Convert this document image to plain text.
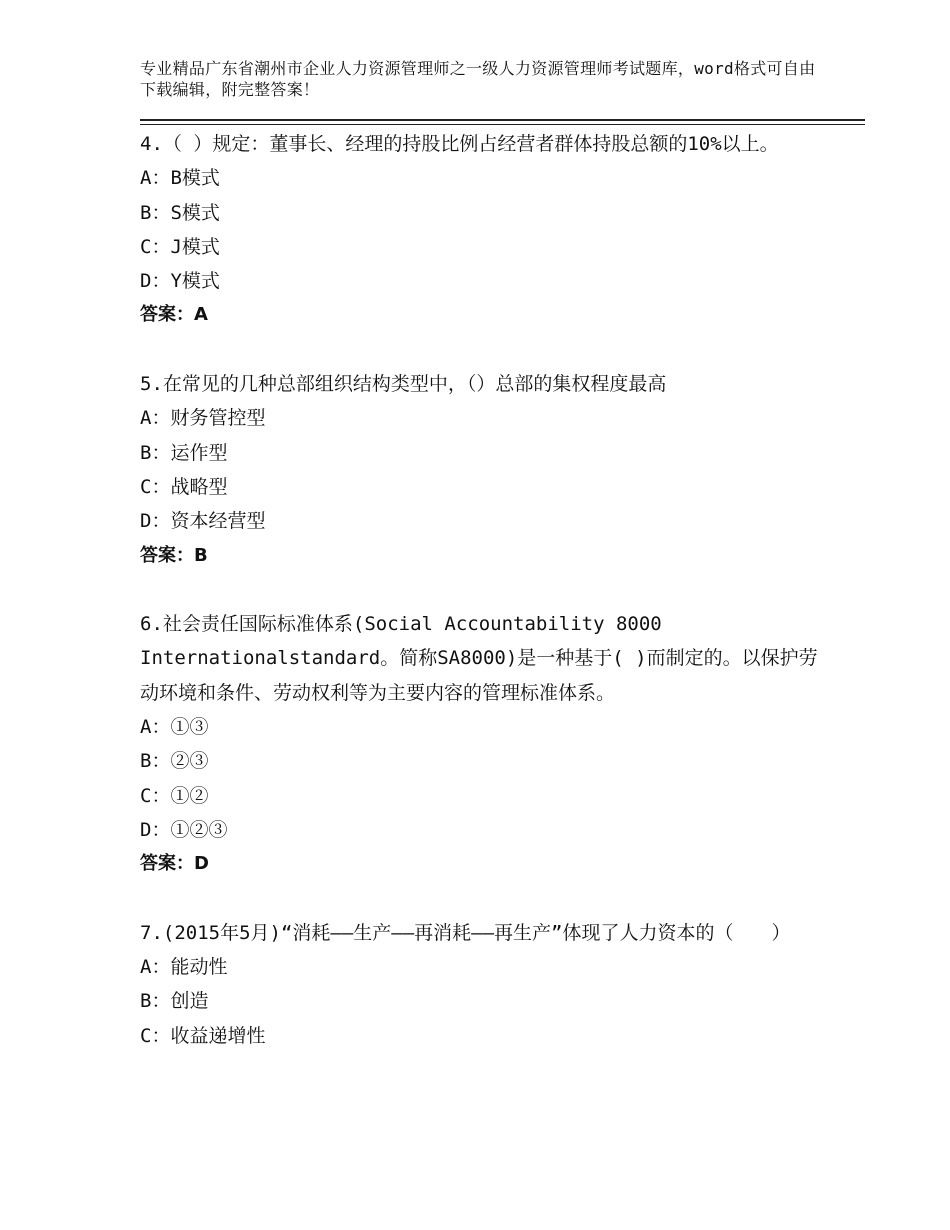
专业精品广东省潮州市企业人力资源管理师之一级人力资源管理师考试题库，word格式可自由下载编辑，附完整答案！

4.（ ）规定：董事长、经理的持股比例占经营者群体持股总额的10%以上。

A：B模式

B：S模式

C：J模式

D：Y模式

答案：A

5.在常见的几种总部组织结构类型中，（）总部的集权程度最高

A：财务管控型

B：运作型

C：战略型

D：资本经营型

答案：B

6.社会责任国际标准体系(Social Accountability 8000 Internationalstandard。简称SA8000)是一种基于( )而制定的。以保护劳动环境和条件、劳动权利等为主要内容的管理标准体系。

A：①③

B：②③

C：①②

D：①②③

答案：D

7.(2015年5月)“消耗——生产——再消耗——再生产”体现了人力资本的（　　）

A：能动性

B：创造

C：收益递增性
